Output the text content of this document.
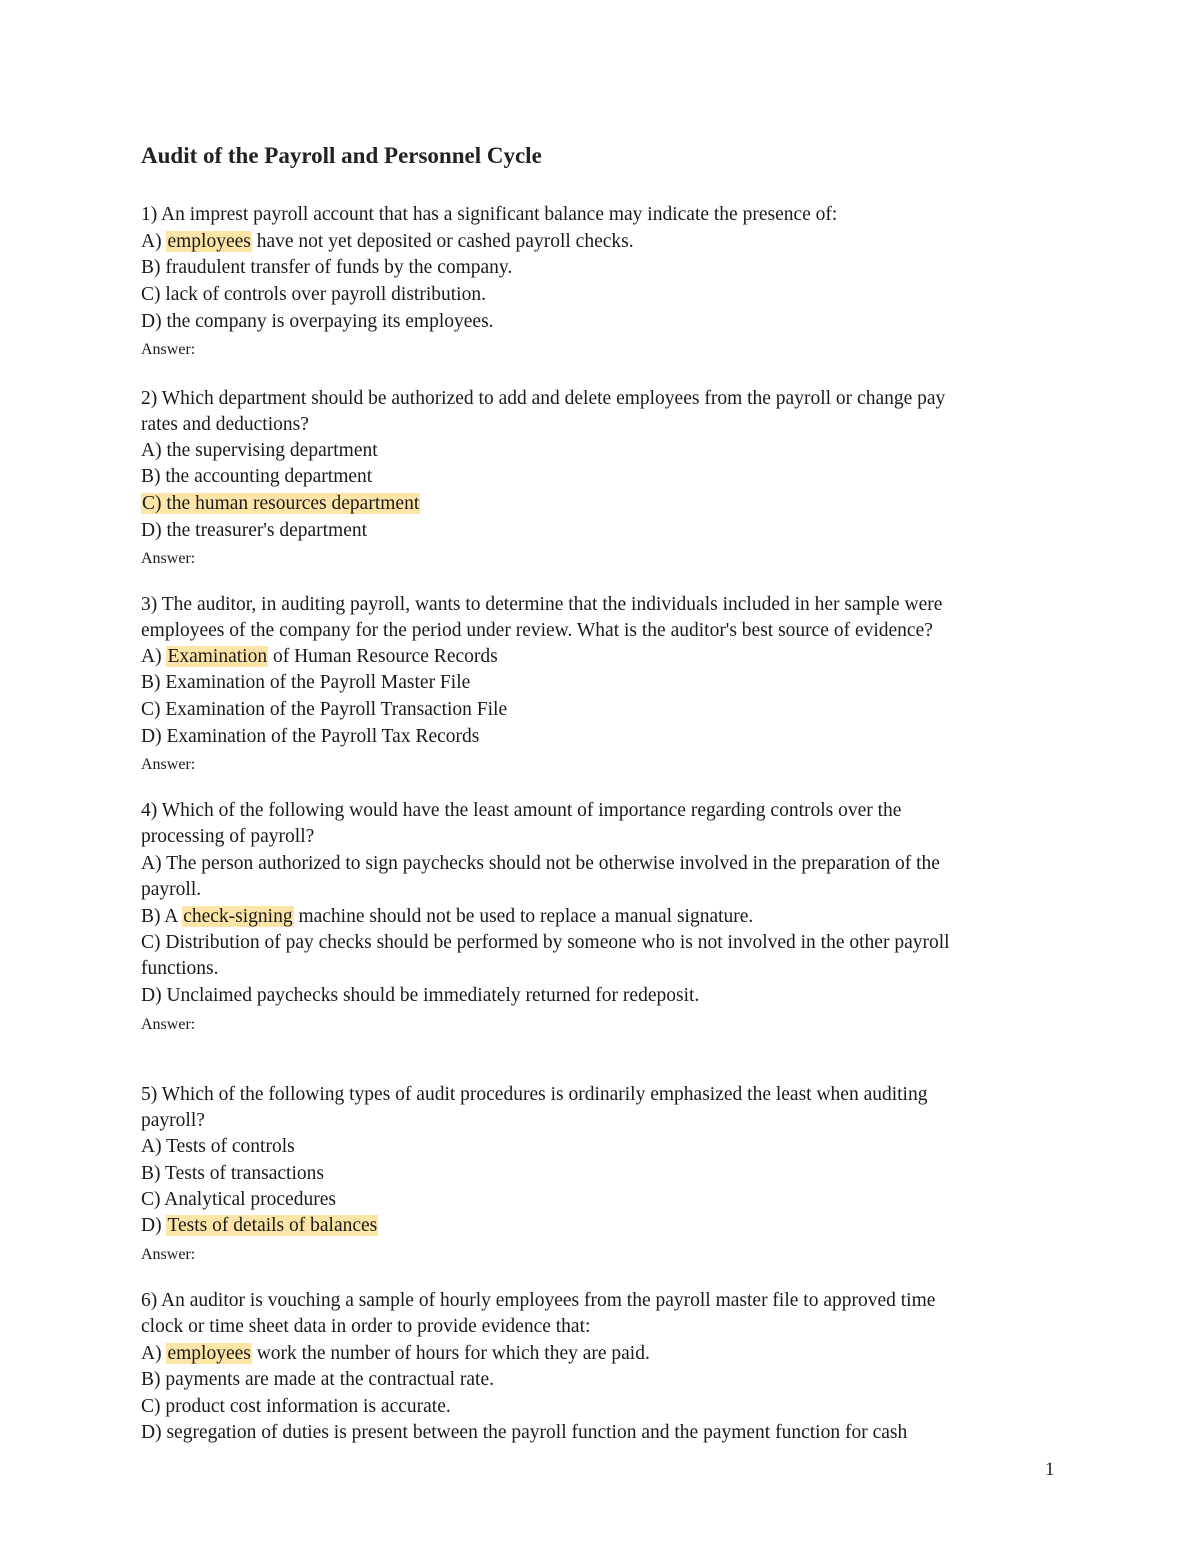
Audit of the Payroll and Personnel Cycle
1) An imprest payroll account that has a significant balance may indicate the presence of:
A) employees have not yet deposited or cashed payroll checks.
B) fraudulent transfer of funds by the company.
C) lack of controls over payroll distribution.
D) the company is overpaying its employees.
2) Which department should be authorized to add and delete employees from the payroll or change pay
rates and deductions?
A) the supervising department
B) the accounting department
C) the human resources department
D) the treasurer's department
3) The auditor, in auditing payroll, wants to determine that the individuals included in her sample were
employees of the company for the period under review. What is the auditor's best source of evidence?
A) Examination of Human Resource Records
B) Examination of the Payroll Master File
C) Examination of the Payroll Transaction File
D) Examination of the Payroll Tax Records
4) Which of the following would have the least amount of importance regarding controls over the
processing of payroll?
A) The person authorized to sign paychecks should not be otherwise involved in the preparation of the
payroll.
B) A check-signing machine should not be used to replace a manual signature.
C) Distribution of pay checks should be performed by someone who is not involved in the other payroll
functions.
D) Unclaimed paychecks should be immediately returned for redeposit.
5) Which of the following types of audit procedures is ordinarily emphasized the least when auditing
payroll?
A) Tests of controls
B) Tests of transactions
C) Analytical procedures
D) Tests of details of balances
6) An auditor is vouching a sample of hourly employees from the payroll master file to approved time
clock or time sheet data in order to provide evidence that:
A) employees work the number of hours for which they are paid.
B) payments are made at the contractual rate.
C) product cost information is accurate.
D) segregation of duties is present between the payroll function and the payment function for cash
Answer:
Answer:
Answer:
Answer:
Answer:
1
